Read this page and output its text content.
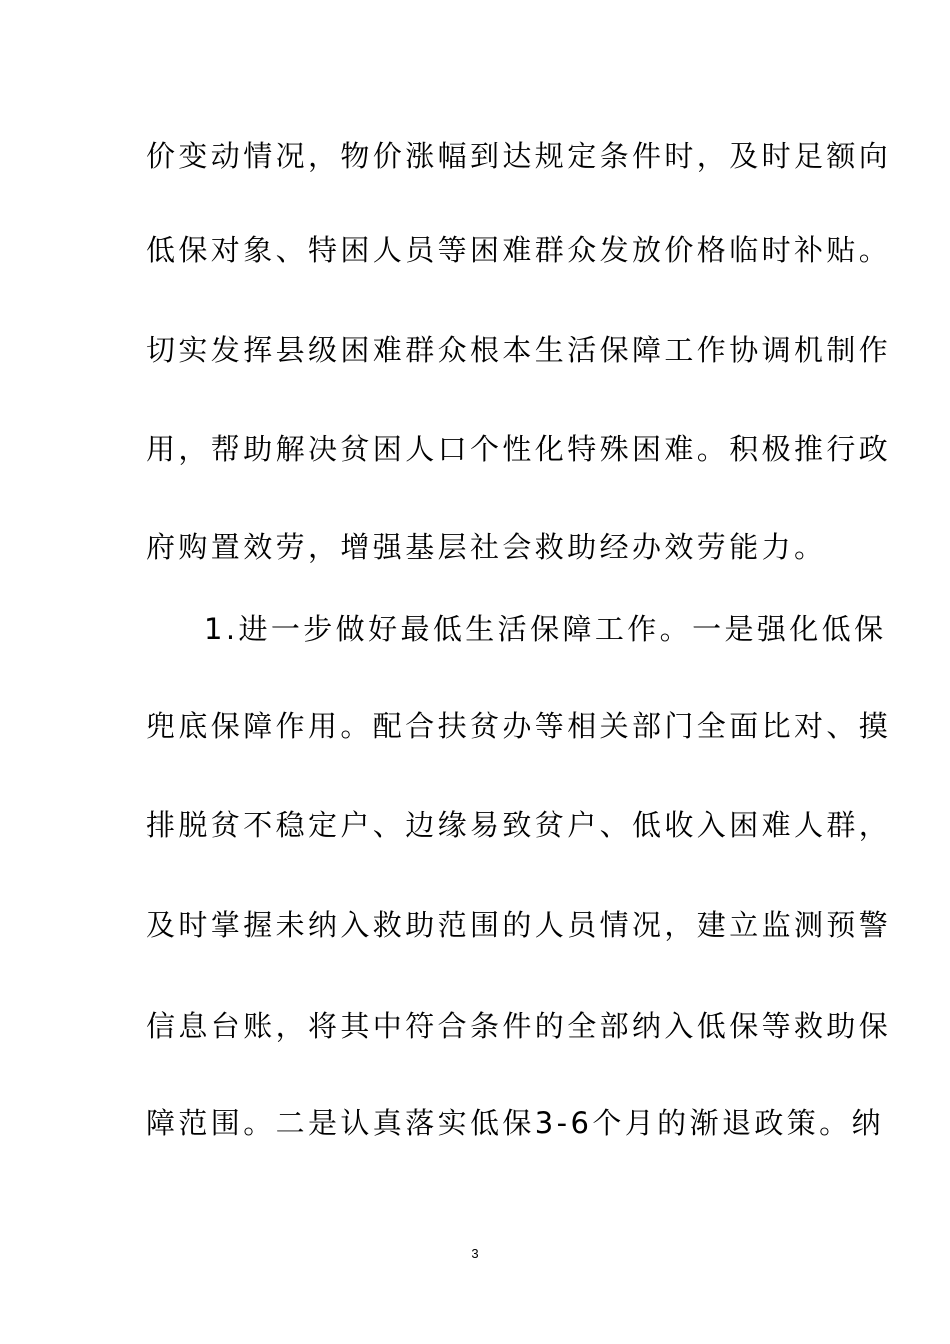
价变动情况，物价涨幅到达规定条件时，及时足额向
低保对象、特困人员等困难群众发放价格临时补贴。
切实发挥县级困难群众根本生活保障工作协调机制作
用，帮助解决贫困人口个性化特殊困难。积极推行政
府购置效劳，增强基层社会救助经办效劳能力。
1.进一步做好最低生活保障工作。一是强化低保
兜底保障作用。配合扶贫办等相关部门全面比对、摸
排脱贫不稳定户、边缘易致贫户、低收入困难人群，
及时掌握未纳入救助范围的人员情况，建立监测预警
信息台账，将其中符合条件的全部纳入低保等救助保
障范围。二是认真落实低保3-6个月的渐退政策。纳
3
